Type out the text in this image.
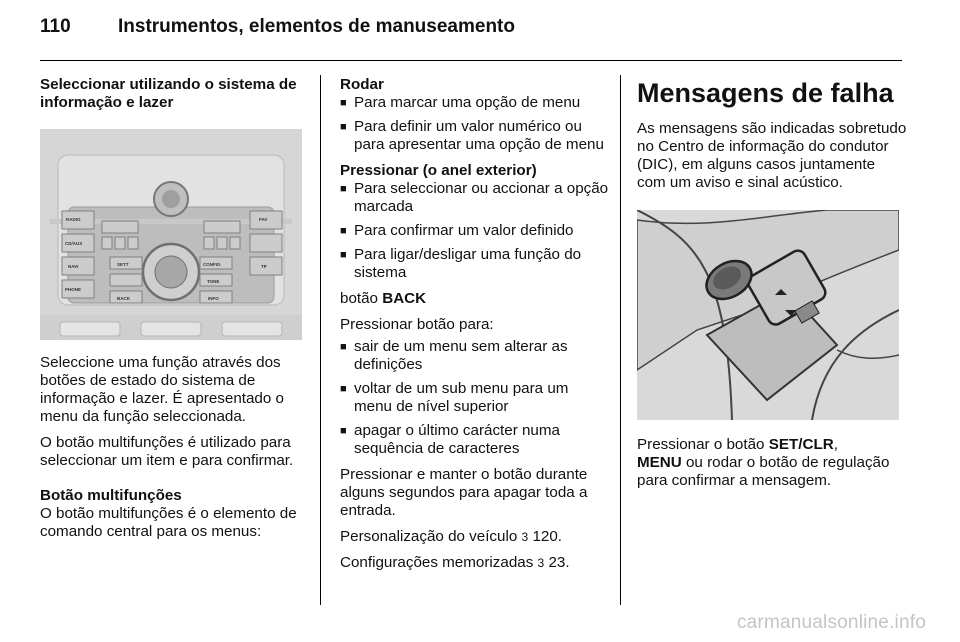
110 Instrumentos, elementos de manuseamento
Seleccionar utilizando o sistema de informação e lazer
RADIO
CD/AUX
NAVI
PHONE
BACK	INFO
TONE
SETT	CONFIG
FAV
TP

Seleccione uma função através dos botões de estado do sistema de informação e lazer. É apresentado o menu da função seleccionada.

O botão multifunções é utilizado para seleccionar um item e para confirmar.

Botão multifunções

O botão multifunções é o elemento de comando central para os menus:

Rodar
■ Para marcar uma opção de menu
■ Para definir um valor numérico ou para apresentar uma opção de menu
Pressionar (o anel exterior)
■ Para seleccionar ou accionar a opção marcada
■ Para confirmar um valor definido
■ Para ligar/desligar uma função do sistema

botão BACK

Pressionar botão para:

■ sair de um menu sem alterar as definições
■ voltar de um sub menu para um menu de nível superior
■ apagar o último carácter numa sequência de caracteres

Pressionar e manter o botão durante alguns segundos para apagar toda a entrada.

Personalização do veículo 3 120.

Configurações memorizadas 3 23.

Mensagens de falha

As mensagens são indicadas sobretudo no Centro de informação do condutor (DIC), em alguns casos juntamente com um aviso e sinal acústico.

Pressionar o botão SET/CLR,
MENU ou rodar o botão de regulação para confirmar a mensagem.

carmanualsonline.info
